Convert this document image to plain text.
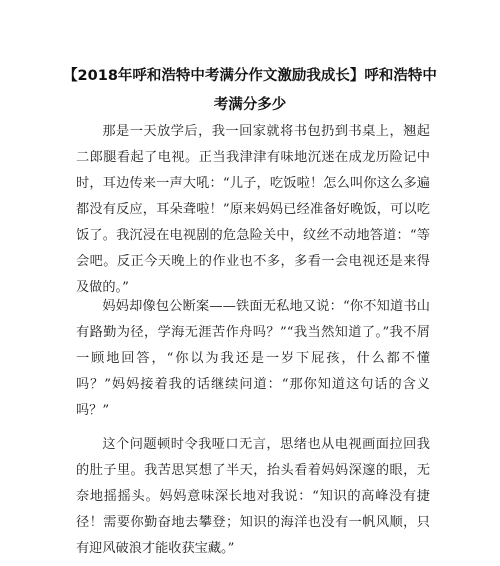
【2018年呼和浩特中考满分作文激励我成长】呼和浩特中考满分多少

那是一天放学后，我一回家就将书包扔到书桌上，翘起二郎腿看起了电视。正当我津津有味地沉迷在成龙历险记中时，耳边传来一声大吼：“儿子，吃饭啦！怎么叫你这么多遍都没有反应，耳朵聋啦！”原来妈妈已经准备好晚饭，可以吃饭了。我沉浸在电视剧的危急险关中，纹丝不动地答道：“等会吧。反正今天晚上的作业也不多，多看一会电视还是来得及做的。”

妈妈却像包公断案——铁面无私地又说：“你不知道书山有路勤为径，学海无涯苦作舟吗？”“我当然知道了。”我不屑一顾地回答，“你以为我还是一岁下屁孩，什么都不懂吗？”妈妈接着我的话继续问道：“那你知道这句话的含义吗？”

这个问题顿时令我哑口无言，思绪也从电视画面拉回我的肚子里。我苦思冥想了半天，抬头看着妈妈深邃的眼，无奈地摇摇头。妈妈意味深长地对我说：“知识的高峰没有捷径！需要你勤奋地去攀登；知识的海洋也没有一帆风顺，只有迎风破浪才能收获宝藏。”
